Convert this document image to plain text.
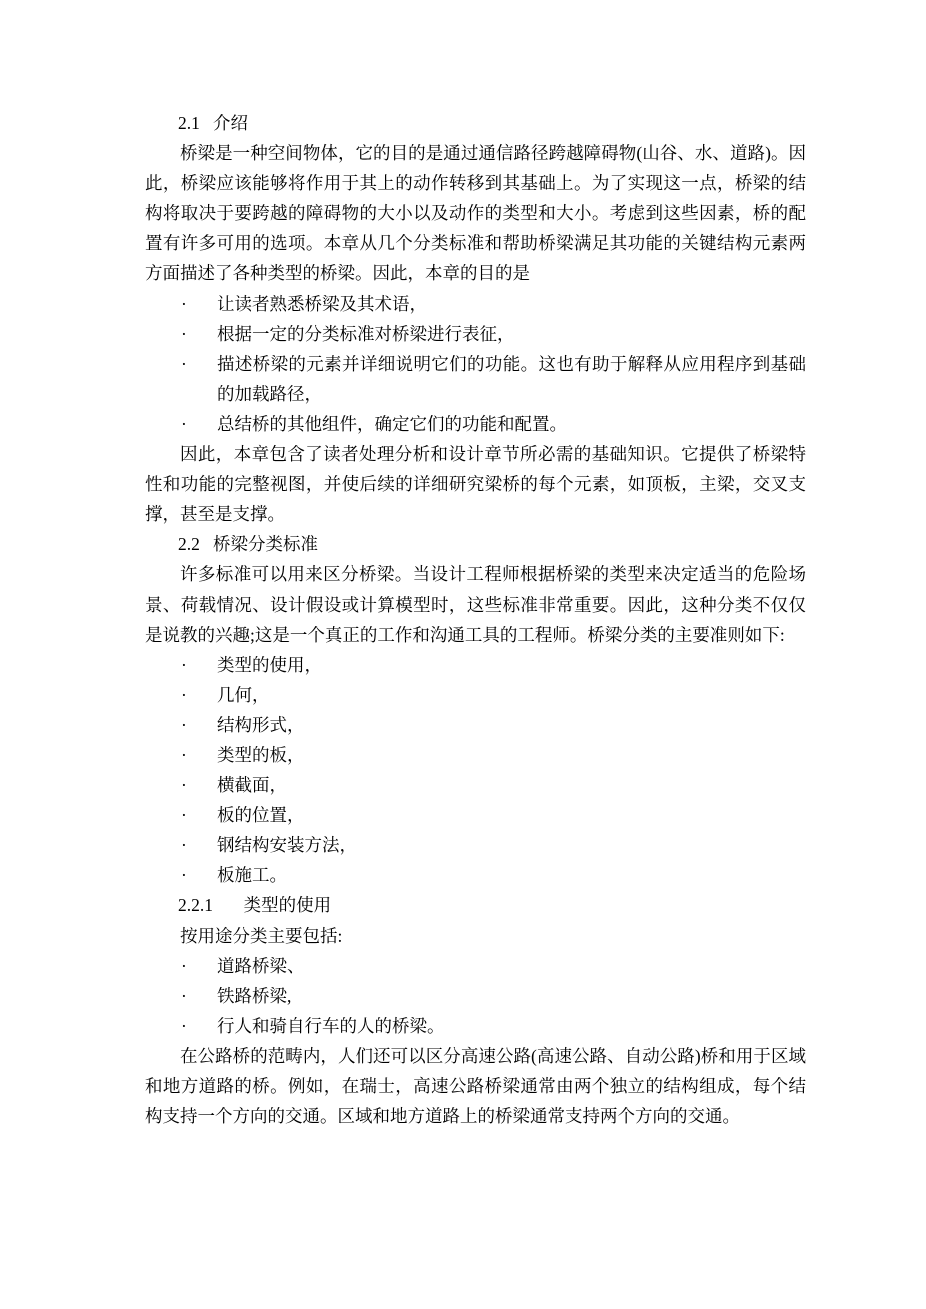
2.1 介绍

桥梁是一种空间物体，它的目的是通过通信路径跨越障碍物(山谷、水、道路)。因此，桥梁应该能够将作用于其上的动作转移到其基础上。为了实现这一点，桥梁的结构将取决于要跨越的障碍物的大小以及动作的类型和大小。考虑到这些因素，桥的配置有许多可用的选项。本章从几个分类标准和帮助桥梁满足其功能的关键结构元素两方面描述了各种类型的桥梁。因此，本章的目的是

· 让读者熟悉桥梁及其术语，
· 根据一定的分类标准对桥梁进行表征，
· 描述桥梁的元素并详细说明它们的功能。这也有助于解释从应用程序到基础的加载路径，
· 总结桥的其他组件，确定它们的功能和配置。

因此，本章包含了读者处理分析和设计章节所必需的基础知识。它提供了桥梁特性和功能的完整视图，并使后续的详细研究梁桥的每个元素，如顶板，主梁，交叉支撑，甚至是支撑。

2.2 桥梁分类标准

许多标准可以用来区分桥梁。当设计工程师根据桥梁的类型来决定适当的危险场景、荷载情况、设计假设或计算模型时，这些标准非常重要。因此，这种分类不仅仅是说教的兴趣;这是一个真正的工作和沟通工具的工程师。桥梁分类的主要准则如下:

· 类型的使用，
· 几何，
· 结构形式，
· 类型的板，
· 横截面，
· 板的位置，
· 钢结构安装方法，
· 板施工。
2.2.1 类型的使用

按用途分类主要包括:

· 道路桥梁、
· 铁路桥梁,
· 行人和骑自行车的人的桥梁。

在公路桥的范畴内，人们还可以区分高速公路(高速公路、自动公路)桥和用于区域和地方道路的桥。例如，在瑞士，高速公路桥梁通常由两个独立的结构组成，每个结构支持一个方向的交通。区域和地方道路上的桥梁通常支持两个方向的交通。
